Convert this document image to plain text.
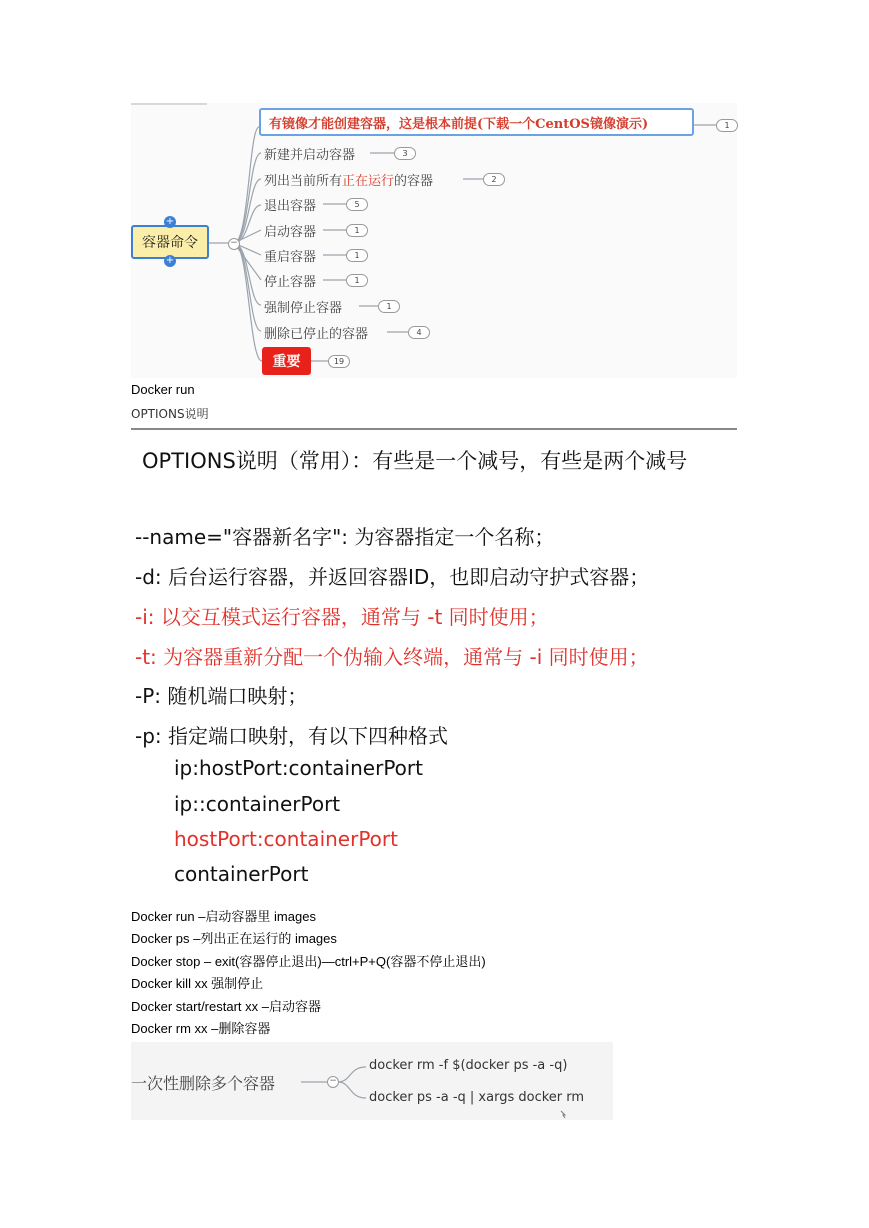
容器命令
+
+
−
有镜像才能创建容器，这是根本前提(下载一个CentOS镜像演示)	1
新建并启动容器	3
列出当前所有正在运行的容器	2
退出容器	5
启动容器	1
重启容器	1
停止容器	1
强制停止容器	1
删除已停止的容器	4
重要	19
Docker run
OPTIONS说明
OPTIONS说明（常用）：有些是一个减号，有些是两个减号
--name="容器新名字": 为容器指定一个名称；
-d: 后台运行容器，并返回容器ID，也即启动守护式容器；
-i: 以交互模式运行容器，通常与 -t 同时使用；
-t: 为容器重新分配一个伪输入终端，通常与 -i 同时使用；
-P: 随机端口映射；
-p: 指定端口映射，有以下四种格式
ip:hostPort:containerPort
ip::containerPort
hostPort:containerPort
containerPort
Docker run –启动容器里 images
Docker ps –列出正在运行的 images
Docker stop – exit(容器停止退出)—ctrl+P+Q(容器不停止退出)
Docker kill xx 强制停止
Docker start/restart xx –启动容器
Docker rm xx –删除容器
一次性删除多个容器	−
docker rm -f $(docker ps -a -q)
docker ps -a -q | xargs docker rm
